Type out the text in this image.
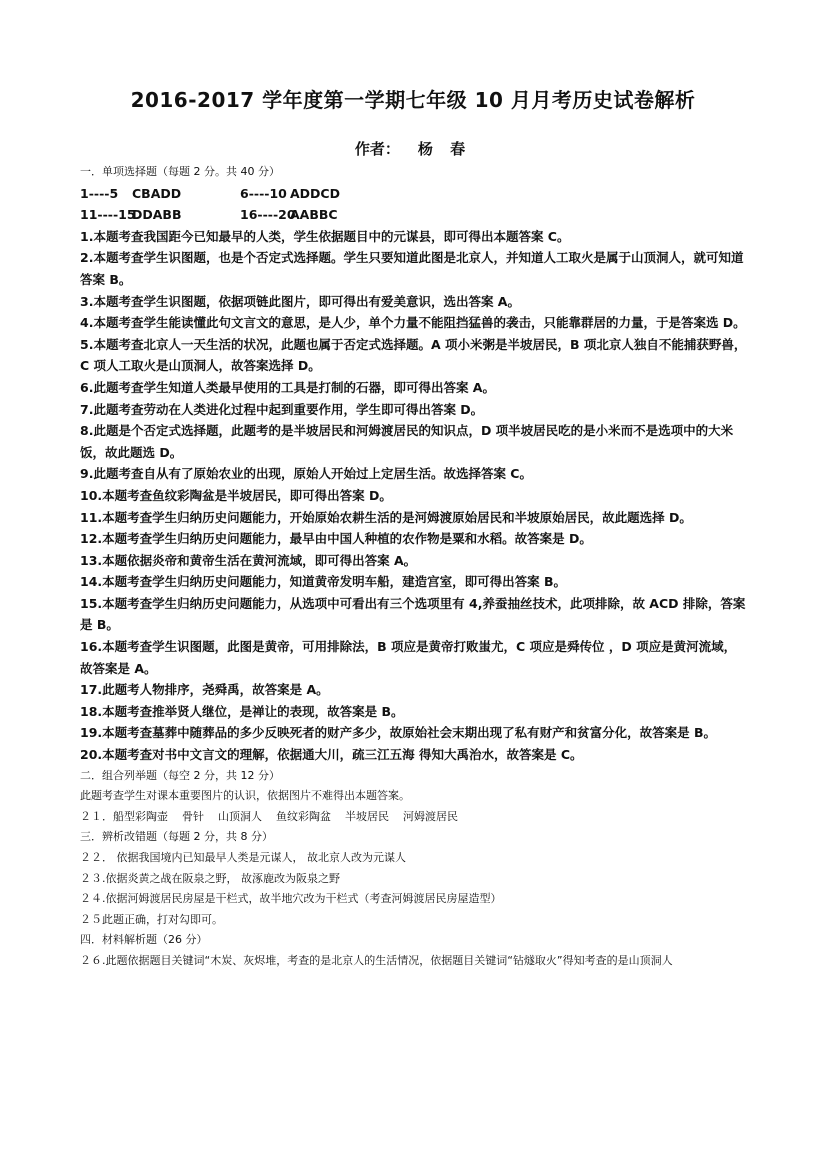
2016-2017 学年度第一学期七年级 10 月月考历史试卷解析
作者： 杨 春
一．单项选择题（每题 2 分。共 40 分）
1----5 CBADD	6----10 ADDCD
11----15DDABB	16----20AABBC
1.本题考查我国距今已知最早的人类，学生依据题目中的元谋县，即可得出本题答案 C。
2.本题考查学生识图题，也是个否定式选择题。学生只要知道此图是北京人，并知道人工取火是属于山顶洞人，就可知道答案 B。
3.本题考查学生识图题，依据项链此图片，即可得出有爱美意识，选出答案 A。
4.本题考查学生能读懂此句文言文的意思，是人少，单个力量不能阻挡猛兽的袭击，只能靠群居的力量，于是答案选 D。
5.本题考查北京人一天生活的状况，此题也属于否定式选择题。A 项小米粥是半坡居民，B 项北京人独自不能捕获野兽，C 项人工取火是山顶洞人，故答案选择 D。
6.此题考查学生知道人类最早使用的工具是打制的石器，即可得出答案 A。
7.此题考查劳动在人类进化过程中起到重要作用，学生即可得出答案 D。
8.此题是个否定式选择题，此题考的是半坡居民和河姆渡居民的知识点，D 项半坡居民吃的是小米而不是选项中的大米饭，故此题选 D。
9.此题考查自从有了原始农业的出现，原始人开始过上定居生活。故选择答案 C。
10.本题考查鱼纹彩陶盆是半坡居民，即可得出答案 D。
11.本题考查学生归纳历史问题能力，开始原始农耕生活的是河姆渡原始居民和半坡原始居民，故此题选择 D。
12.本题考查学生归纳历史问题能力，最早由中国人种植的农作物是粟和水稻。故答案是 D。
13.本题依据炎帝和黄帝生活在黄河流域，即可得出答案 A。
14.本题考查学生归纳历史问题能力，知道黄帝发明车船，建造宫室，即可得出答案 B。
15.本题考查学生归纳历史问题能力，从选项中可看出有三个选项里有 4,养蚕抽丝技术，此项排除，故 ACD 排除，答案是 B。
16.本题考查学生识图题，此图是黄帝，可用排除法，B 项应是黄帝打败蚩尤，C 项应是舜传位 ，D 项应是黄河流域，故答案是 A。
17.此题考人物排序，尧舜禹，故答案是 A。
18.本题考查推举贤人继位，是禅让的表现，故答案是 B。
19.本题考查墓葬中随葬品的多少反映死者的财产多少，故原始社会末期出现了私有财产和贫富分化，故答案是 B。
20.本题考查对书中文言文的理解，依据通大川，疏三江五海 得知大禹治水，故答案是 C。
二．组合列举题（每空 2 分，共 12 分）
此题考查学生对课本重要图片的认识，依据图片不难得出本题答案。
２１．船型彩陶壶 骨针 山顶洞人 鱼纹彩陶盆 半坡居民 河姆渡居民
三．辨析改错题（每题 2 分，共 8 分）
２２． 依据我国境内已知最早人类是元谋人， 故北京人改为元谋人
２３.依据炎黄之战在阪泉之野， 故涿鹿改为阪泉之野
２４.依据河姆渡居民房屋是干栏式，故半地穴改为干栏式（考查河姆渡居民房屋造型）
２５此题正确，打对勾即可。
四．材料解析题（26 分）
２６.此题依据题目关键词“木炭、灰烬堆，考查的是北京人的生活情况，依据题目关键词“钻燧取火”得知考查的是山顶洞人
